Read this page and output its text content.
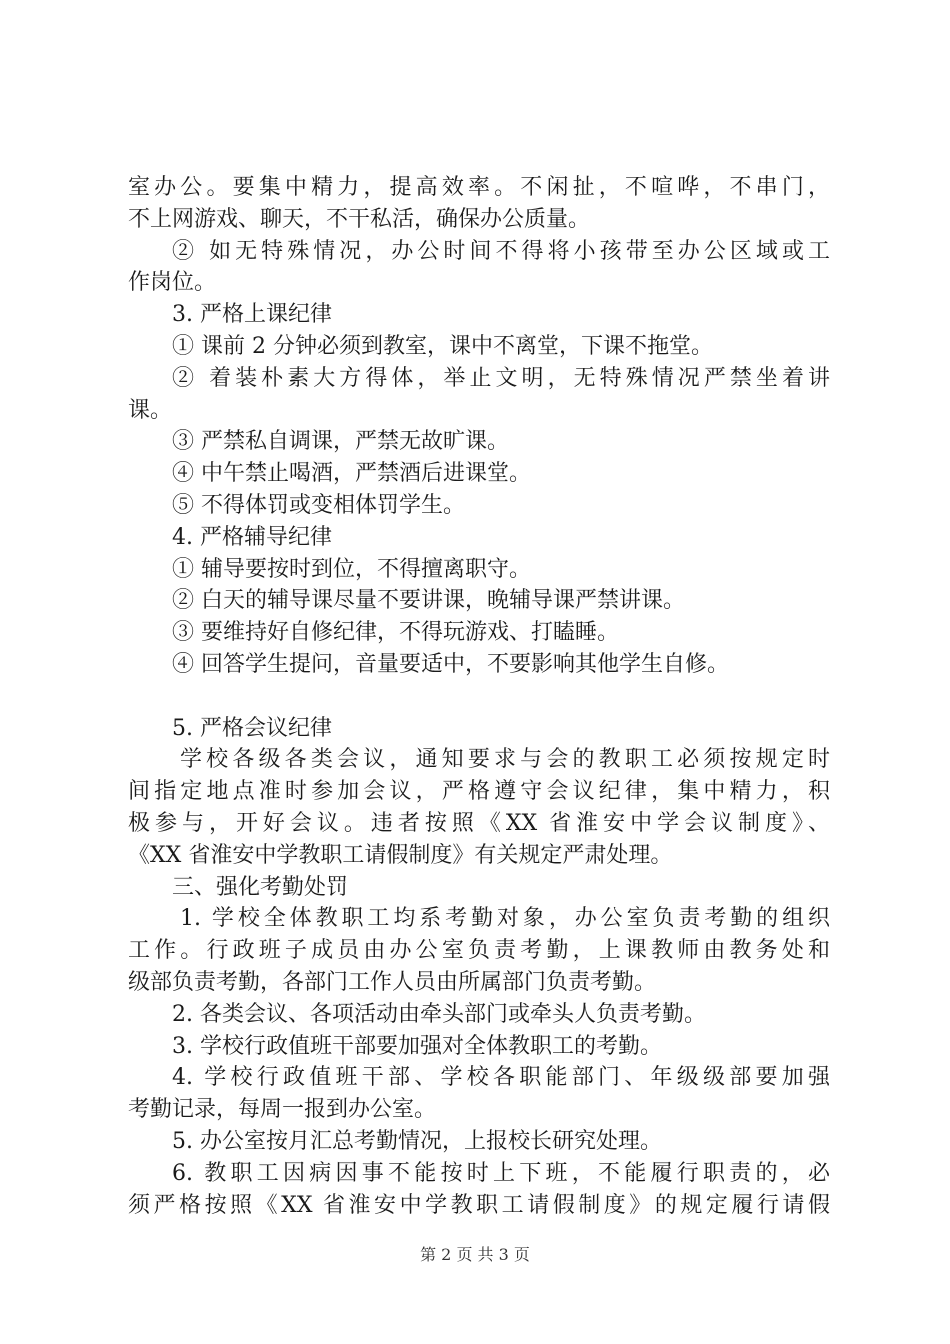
室办公。要集中精力，提高效率。不闲扯，不喧哗，不串门，
不上网游戏、聊天，不干私活，确保办公质量。
② 如无特殊情况，办公时间不得将小孩带至办公区域或工
作岗位。
3. 严格上课纪律
① 课前 2 分钟必须到教室，课中不离堂，下课不拖堂。
② 着装朴素大方得体，举止文明，无特殊情况严禁坐着讲
课。
③ 严禁私自调课，严禁无故旷课。
④ 中午禁止喝酒，严禁酒后进课堂。
⑤ 不得体罚或变相体罚学生。
4. 严格辅导纪律
① 辅导要按时到位，不得擅离职守。
② 白天的辅导课尽量不要讲课，晚辅导课严禁讲课。
③ 要维持好自修纪律，不得玩游戏、打瞌睡。
④ 回答学生提问，音量要适中，不要影响其他学生自修。
5. 严格会议纪律
学校各级各类会议，通知要求与会的教职工必须按规定时
间指定地点准时参加会议，严格遵守会议纪律，集中精力，积
极参与，开好会议。违者按照《XX 省淮安中学会议制度》、
《XX 省淮安中学教职工请假制度》有关规定严肃处理。
三、强化考勤处罚
1. 学校全体教职工均系考勤对象，办公室负责考勤的组织
工作。行政班子成员由办公室负责考勤，上课教师由教务处和
级部负责考勤，各部门工作人员由所属部门负责考勤。
2. 各类会议、各项活动由牵头部门或牵头人负责考勤。
3. 学校行政值班干部要加强对全体教职工的考勤。
4. 学校行政值班干部、学校各职能部门、年级级部要加强
考勤记录，每周一报到办公室。
5. 办公室按月汇总考勤情况，上报校长研究处理。
6. 教职工因病因事不能按时上下班，不能履行职责的，必
须严格按照《XX 省淮安中学教职工请假制度》的规定履行请假
第 2 页 共 3 页
